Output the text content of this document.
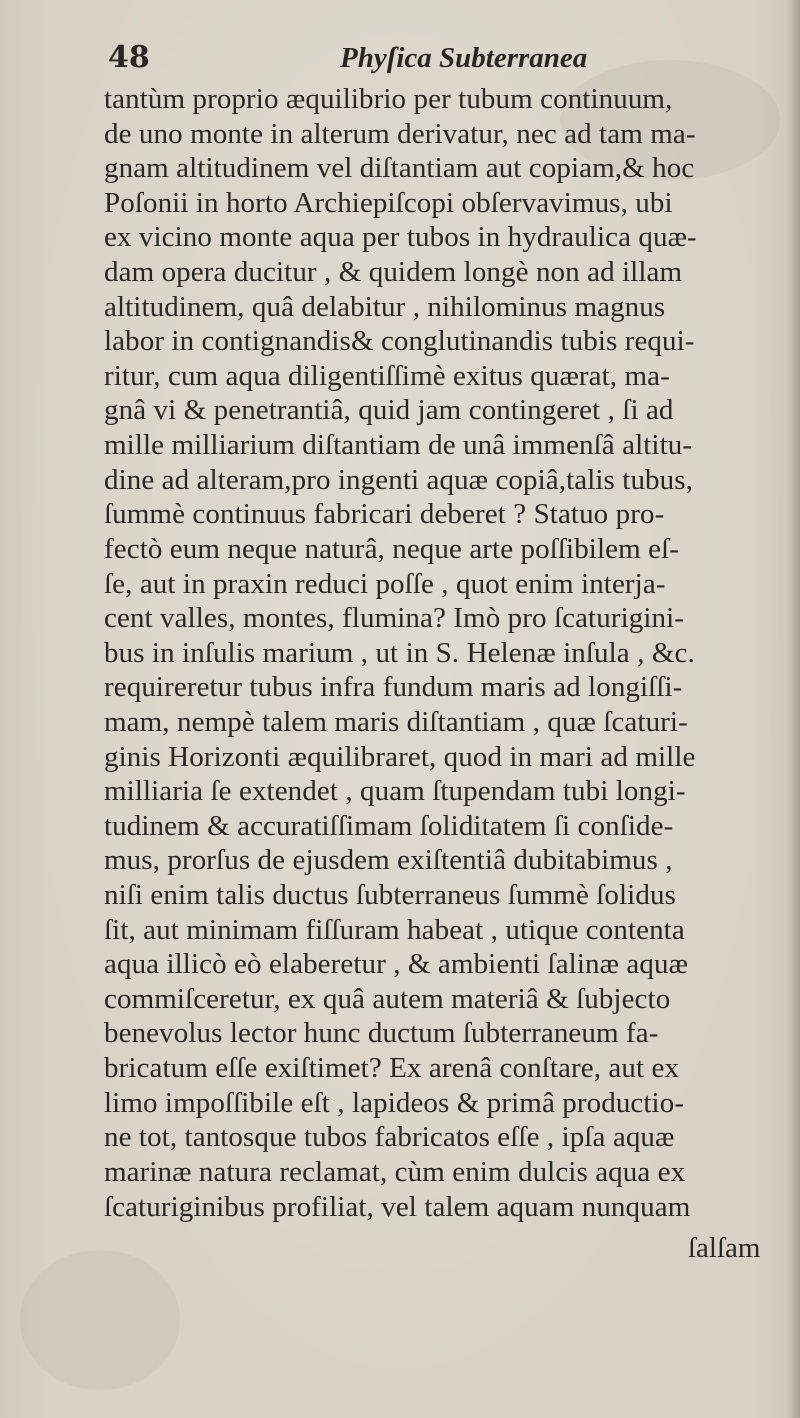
48	Phyſica Subterranea
tantùm proprio æquilibrio per tubum continuum,
de uno monte in alterum derivatur, nec ad tam ma-
gnam altitudinem vel diſtantiam aut copiam,& hoc
Poſonii in horto Archiepiſcopi obſervavimus, ubi
ex vicino monte aqua per tubos in hydraulica quæ-
dam opera ducitur , & quidem longè non ad illam
altitudinem, quâ delabitur , nihilominus magnus
labor in contignandis& conglutinandis tubis requi-
ritur, cum aqua diligentiſſimè exitus quærat, ma-
gnâ vi & penetrantiâ, quid jam contingeret , ſi ad
mille milliarium diſtantiam de unâ immenſâ altitu-
dine ad alteram,pro ingenti aquæ copiâ,talis tubus,
ſummè continuus fabricari deberet ? Statuo pro-
fectò eum neque naturâ, neque arte poſſibilem eſ-
ſe, aut in praxin reduci poſſe , quot enim interja-
cent valles, montes, flumina? Imò pro ſcaturigini-
bus in inſulis marium , ut in S. Helenæ inſula , &c.
requireretur tubus infra fundum maris ad longiſſi-
mam, nempè talem maris diſtantiam , quæ ſcaturi-
ginis Horizonti æquilibraret, quod in mari ad mille
milliaria ſe extendet , quam ſtupendam tubi longi-
tudinem & accuratiſſimam ſoliditatem ſi conſide-
mus, prorſus de ejusdem exiſtentiâ dubitabimus ,
niſi enim talis ductus ſubterraneus ſummè ſolidus
ſit, aut minimam fiſſuram habeat , utique contenta
aqua illicò eò elaberetur , & ambienti ſalinæ aquæ
commiſceretur, ex quâ autem materiâ & ſubjecto
benevolus lector hunc ductum ſubterraneum fa-
bricatum eſſe exiſtimet? Ex arenâ conſtare, aut ex
limo impoſſibile eſt , lapideos & primâ productio-
ne tot, tantosque tubos fabricatos eſſe , ipſa aquæ
marinæ natura reclamat, cùm enim dulcis aqua ex
ſcaturiginibus profiliat, vel talem aquam nunquam
ſalſam
